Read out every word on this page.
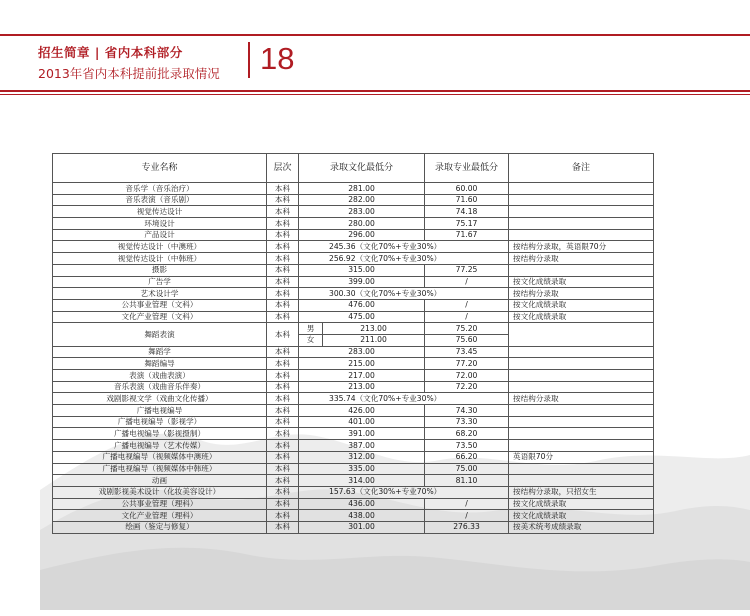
招生简章 | 省内本科部分
2013年省内本科提前批录取情况 18
专业名称	层次	录取文化最低分		录取专业最低分	备注
音乐学（音乐治疗）	本科	281.00		60.00	
音乐表演（音乐剧）	本科	282.00		71.60	
视觉传达设计	本科	283.00		74.18	
环境设计	本科	280.00		75.17	
产品设计	本科	296.00		71.67	
视觉传达设计（中澳班）	本科	245.36（文化70%+专业30%）			按结构分录取，英语限70分
视觉传达设计（中韩班）	本科	256.92（文化70%+专业30%）			按结构分录取
摄影	本科	315.00		77.25	
广告学	本科	399.00		/	按文化成绩录取
艺术设计学	本科	300.30（文化70%+专业30%）			按结构分录取
公共事业管理（文科）	本科	476.00		/	按文化成绩录取
文化产业管理（文科）	本科	475.00		/	按文化成绩录取
舞蹈表演	本科	男	213.00	75.20	
		女	211.00	75.60	
舞蹈学	本科	283.00		73.45	
舞蹈编导	本科	215.00		77.20	
表演（戏曲表演）	本科	217.00		72.00	
音乐表演（戏曲音乐伴奏）	本科	213.00		72.20	
戏剧影视文学（戏曲文化传播）	本科	335.74（文化70%+专业30%）			按结构分录取
广播电视编导	本科	426.00		74.30	
广播电视编导（影视学）	本科	401.00		73.30	
广播电视编导（影视摄制）	本科	391.00		68.20	
广播电视编导（艺术传媒）	本科	387.00		73.50	
广播电视编导（视频媒体中澳班）	本科	312.00		66.20	英语限70分
广播电视编导（视频媒体中韩班）	本科	335.00		75.00	
动画	本科	314.00		81.10	
戏剧影视美术设计（化妆美容设计）	本科	157.63（文化30%+专业70%）			按结构分录取，只招女生
公共事业管理（理科）	本科	436.00		/	按文化成绩录取
文化产业管理（理科）	本科	438.00		/	按文化成绩录取
绘画（鉴定与修复）	本科	301.00		276.33	按美术统考成绩录取
